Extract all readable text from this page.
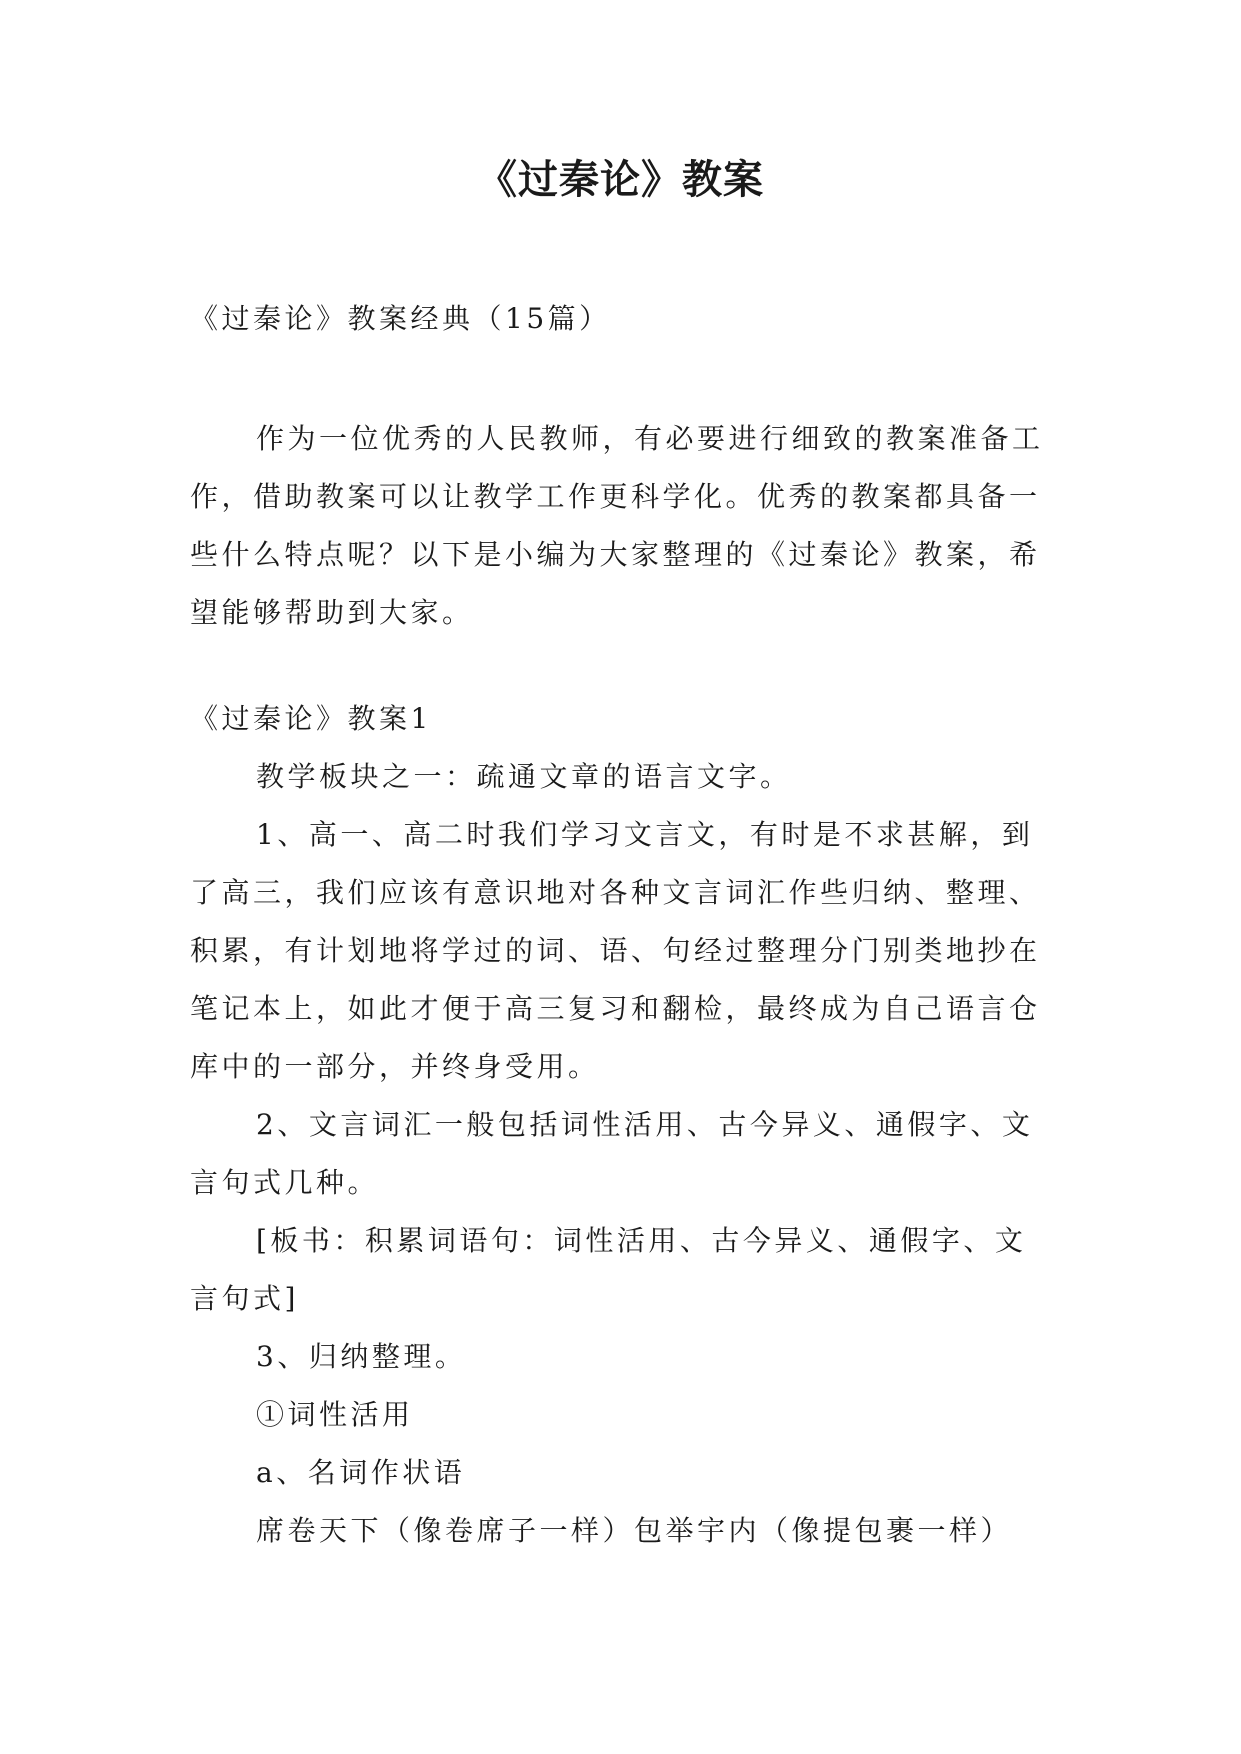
《过秦论》教案

《过秦论》教案经典（15篇）

作为一位优秀的人民教师，有必要进行细致的教案准备工作，借助教案可以让教学工作更科学化。优秀的教案都具备一些什么特点呢？以下是小编为大家整理的《过秦论》教案，希望能够帮助到大家。

《过秦论》教案1

教学板块之一：疏通文章的语言文字。

1、高一、高二时我们学习文言文，有时是不求甚解，到了高三，我们应该有意识地对各种文言词汇作些归纳、整理、积累，有计划地将学过的词、语、句经过整理分门别类地抄在笔记本上，如此才便于高三复习和翻检，最终成为自己语言仓库中的一部分，并终身受用。

2、文言词汇一般包括词性活用、古今异义、通假字、文言句式几种。

[板书：积累词语句：词性活用、古今异义、通假字、文言句式]

3、归纳整理。

①词性活用

a、名词作状语

席卷天下（像卷席子一样）包举宇内（像提包裹一样）
